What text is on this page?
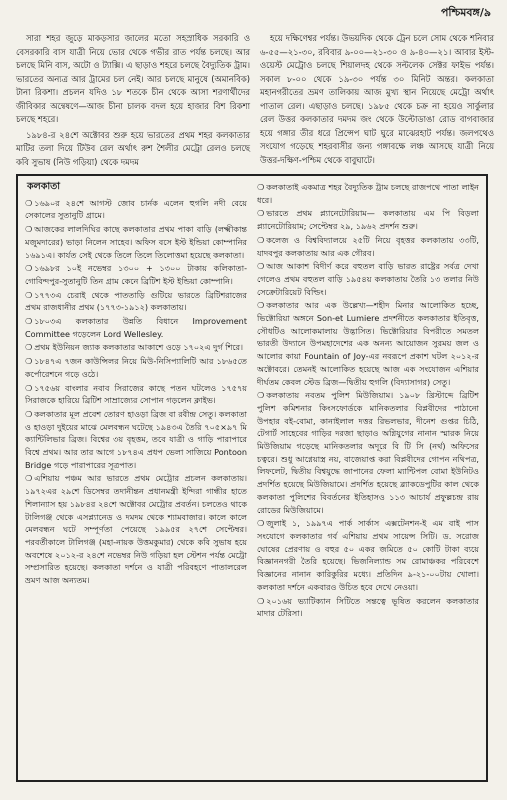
পশ্চিমবঙ্গ/৯

সারা শহর জুড়ে মাকড়সার জালের মতো সহস্রাধিক সরকারি ও বেসরকারি বাস যাত্রী নিয়ে ভোর থেকে গভীর রাত পর্যন্ত চলছে। আর চলছে মিনি বাস, অটো ও ট্যাক্সি। এ ছাড়াও শহরে চলছে বৈদ্যুতিক ট্রাম। ভারতের অন্যত্র আর ট্রামের চল নেই। আর চলছে মানুষে (অমানবিক) টানা রিকশা। প্রচলন যদিও ১৮ শতকে চীন থেকে আসা শরণার্থীদের জীবিকার অন্বেষণে—আজ চীনা চালক বদল হয়ে হাজার বিশ রিকশা চলছে শহরে।

১৯৮৪-র ২৪শে অক্টোবর শুরু হয়ে ভারতের প্রথম শহর কলকাতার মাটির তলা দিয়ে টিউব রেল অর্থাৎ রুশ শৈলীর মেট্রো রেলও চলছে কবি সুভাষ (নিউ গড়িয়া) থেকে দমদম

হয়ে দক্ষিণেশ্বর পর্যন্ত। উভয়দিক থেকে ট্রেন চলে সোম থেকে শনিবার ৬-৫৫—২১-৩০, রবিবার ৯-০০—২১-৩০ ও ৯-৪০—২১। আবার ইস্ট-ওয়েস্ট মেট্রোও চলছে শিয়ালদহ থেকে সল্টলেক সেক্টর ফাইভ পর্যন্ত। সকাল ৮-০০ থেকে ১৯-৩০ পর্যন্ত ৩০ মিনিট অন্তর। কলকাতা মহানগরীতের ভ্রমণ তালিকায় আজ মুখ্য স্থান নিয়েছে মেট্রো অর্থাৎ পাতাল রেল। এছাড়াও চলছে। ১৯৮৫ থেকে চক্র না হয়েও সার্কুলার রেল উত্তর কলকাতার দমদম জং থেকে উল্টোডাঙা রোড বাগবাজার হয়ে গঙ্গার তীর ধরে প্রিন্সেপ ঘাট ঘুরে মাঝেরহাট পর্যন্ত। জলপথেও সংযোগ গড়েছে শহরবাসীর জন্য গঙ্গাবক্ষে লঞ্চ আসছে যাত্রী নিয়ে উত্তর-দক্ষিণ-পশ্চিম থেকে বাবুঘাটে।

কলকাতা
❍ ১৬৯০র ২৪শে আগস্ট জোব চার্নক এলেন হুগলি নদী বেয়ে সেকালের সুতানুটি গ্রামে।
❍ আজকের লালদিঘির কাছে কলকাতার প্রথম পাকা বাড়ি (লক্ষ্মীকান্ত মজুমদারের) ভাড়া নিলেন সাহেব। অফিস বসে ইস্ট ইন্ডিয়া কোম্পানির ১৬৯১এ। কার্যত সেই থেকে তিলে তিলে তিলোত্তমা হয়েছে কলকাতা।
❍ ১৬৯৮র ১০ই নভেম্বর ১৩০০ + ১৩০০ টাকায় কলিকাতা-গোবিন্দপুর-সুতানুটি তিন গ্রাম কেনে ব্রিটিশ ইস্ট ইন্ডিয়া কোম্পানি।
❍ ১৭৭৩এ চেরাই থেকে পাততাড়ি গুটিয়ে ভারতে ব্রিটিশরাজের প্রথম রাজধানীর প্রথম (১৭৭৩-১৯১২) কলকাতায়।
❍ ১৮০৩এ কলকাতার উন্নতি বিধানে Improvement Committee গড়েলেন Lord Wellesley.
❍ প্রথম ইউনিয়ন জ্যাক কলকাতার আকাশে ওড়ে ১৭০২এ দুর্গ শিরে।
❍ ১৮৪৭এ ৭জন কাউন্সিলর নিয়ে মিউ-নিসিপ্যালিটি আর ১৮৬৫তে কর্পোরেশনে গড়ে ওঠে।
❍ ১৭৫৬য় বাংলার নবাব সিরাজের কাছে পতন ঘটলেও ১৭৫৭য় সিরাজকে হারিয়ে ব্রিটিশ সাম্রাজ্যের সোপান গড়লেন ক্লাইভ।
❍ কলকাতার মূল প্রবেশ তোরণ হাওড়া ব্রিজ বা রবীন্দ্র সেতু। কলকাতা ও হাওড়া দুইয়ের মাঝে মেলবন্ধন ঘটেছে ১৯৪৩এ তৈরি ৭০৫×৯৭ মি ক্যান্টিলিভার ব্রিজ। বিশ্বের ৩য় বৃহত্তম, তবে যাত্রী ও গাড়ি পারাপারে বিশ্বে প্রথম। আর তার আগে ১৮৭৪এ প্রধপ ভেলা সাজিয়ে Pontoon Bridge গড়ে পারাপারের সূত্রপাত।
❍ এশিয়ায় পঞ্চম আর ভারতে প্রথম মেট্রোর প্রচলন কলকাতায়। ১৯৭২এর ২৯শে ডিসেম্বর তদানীন্তন প্রধানমন্ত্রী ইন্দিরা গান্ধীর হাতে শিলান্যাস হয় ১৯৮৪র ২৪শে অক্টোবর মেট্রোর প্রবর্তন। চলতেও থাকে টালিগঞ্জ থেকে এসপ্ল্যানেড ও দমদম থেকে শ্যামবাজার। কালে কালে মেলবন্ধন ঘটে সম্পূর্ণতা পেয়েছে ১৯৯৫র ২৭শে সেপ্টেম্বর। পরবর্তীকালে টালিগঞ্জ (মহা-নায়ক উত্তমকুমার) থেকে কবি সুভাষ হয়ে অবশেষে ২০১২-র ২৪শে নভেম্বর নিউ গড়িয়া হল স্টেশন পর্যন্ত মেট্রো সম্প্রসারিত হয়েছে। কলকাতা দর্শনে ও যাত্রী পরিবহণে পাতালরেল ভ্রমণ আজ অন্যতম।
❍ কলকাতাই একমাত্র শহর বৈদ্যুতিক ট্রাম চলছে রাজপথে পাতা লাইন ধরে।
❍ ভারতে প্রথম প্ল্যানেটোরিয়াম— কলকাতায় এম পি বিড়লা প্ল্যানেটোরিয়াম; সেপ্টেম্বর ২৯, ১৯৬২ প্রদর্শন শুরু।
❍ কলেজ ও বিশ্ববিদ্যালয়ে ২৫টি নিয়ে বৃহত্তর কলকাতায় ৩৩টি, যাদবপুর কলকাতায় আর এক গৌরব।
❍ আজ আকাশ বিদীর্ণ করে বহুতল বাড়ি ভারত রাষ্ট্রের সর্বত্র দেখা গেলেও প্রথম বহুতল বাড়ি ১৯৫৪য় কলকাতায় তৈরি ১৩ তলার নিউ সেক্রেটারিয়েট বিল্ডিং।
❍ কলকাতার আর এক উল্লেখ্য—শহীদ মিনার আলোকিত হচ্ছে, ভিক্টোরিয়া অঙ্গনে Son-et Lumiere প্রদর্শনীতে কলকাতার ইতিবৃত্ত, সৌধটিও আলোকমালায় উদ্ভাসিত। ভিক্টোরিয়ার বিপরীতে সমতল ভারতী উদ্যানে উপমহাদেশের এক অনন্য আয়োজন সুরময় জল ও আলোর কায়া Fountain of Joy-এর নবরূপে প্রকাশ ঘটল ২০১২-র অক্টোবরে। তেমনই আলোকিত হয়েছে আজ এক সংযোজন এশিয়ার দীর্ঘতম কেবল স্টেড ব্রিজ—দ্বিতীয় হুগলি (বিদ্যাসাগর) সেতু।
❍ কলকাতায় নবতম পুলিশ মিউজিয়াম। ১৯০৮ খ্রিস্টাব্দে ব্রিটিশ পুলিশ কমিশনার কিংসফোর্ডকে মানিকতলার বিপ্লবীদের পাঠানো উপহার বই-বোমা, কানাইলাল দত্তর রিভলভার, দীনেশ গুপ্তর চিঠি, টেগার্ট সাহেবের গাড়ির দরজা ছাড়াও অগ্নিযুগের নানান স্মারক নিয়ে মিউজিয়াম গড়েছে মানিকতলার অদূরে বি টি সি (নর্থ) অফিসের চত্বরে। শুধু আগ্নেয়াস্ত্র নয়, বাজেয়াপ্ত করা বিপ্লবীদের গোপন নথিপত্র, লিফলেট, দ্বিতীয় বিশ্বযুদ্ধে জাপানের ফেলা ম্যান্টিপল বোমা ইউনিটও প্রদর্শিত হয়েছে মিউজিয়ামে। প্রদর্শিত হয়েছে ব্ল্যাকডেপুটির কাল থেকে কলকাতা পুলিশের বিবর্তনের ইতিহাসও ১১৩ আচার্য প্রফুল্লচন্দ্র রায় রোডের মিউজিয়ামে।
❍ জুলাই ১, ১৯৯৭এ পার্ক সার্কাস এক্সটেনশন-ই এম বাই পাস সংযোগে কলকাতার গর্ব এশিয়ায় প্রথম সায়েন্স সিটি। ড. সরোজ ঘোষের প্রেরণায় ও বহুর ৫০ একর জমিতে ৫০ কোটি টাকা ব্যয়ে বিজ্ঞাননগরী তৈরি হয়েছে। ভিজনিল্যান্ড সম রোমাঞ্চকর পরিবেশে বিজ্ঞানের নানান কারিকুরির মধ্যে। প্রতিদিন ৯-২১-০০টায় খোলা। কলকাতা দর্শনে একবারও উচিত হবে দেখে নেওয়া।
❍ ২০১৬য় ভ্যাটিক্যান সিটিতে সন্তত্বে ভূষিত করলেন কলকাতার মাদার টেরিসা।
